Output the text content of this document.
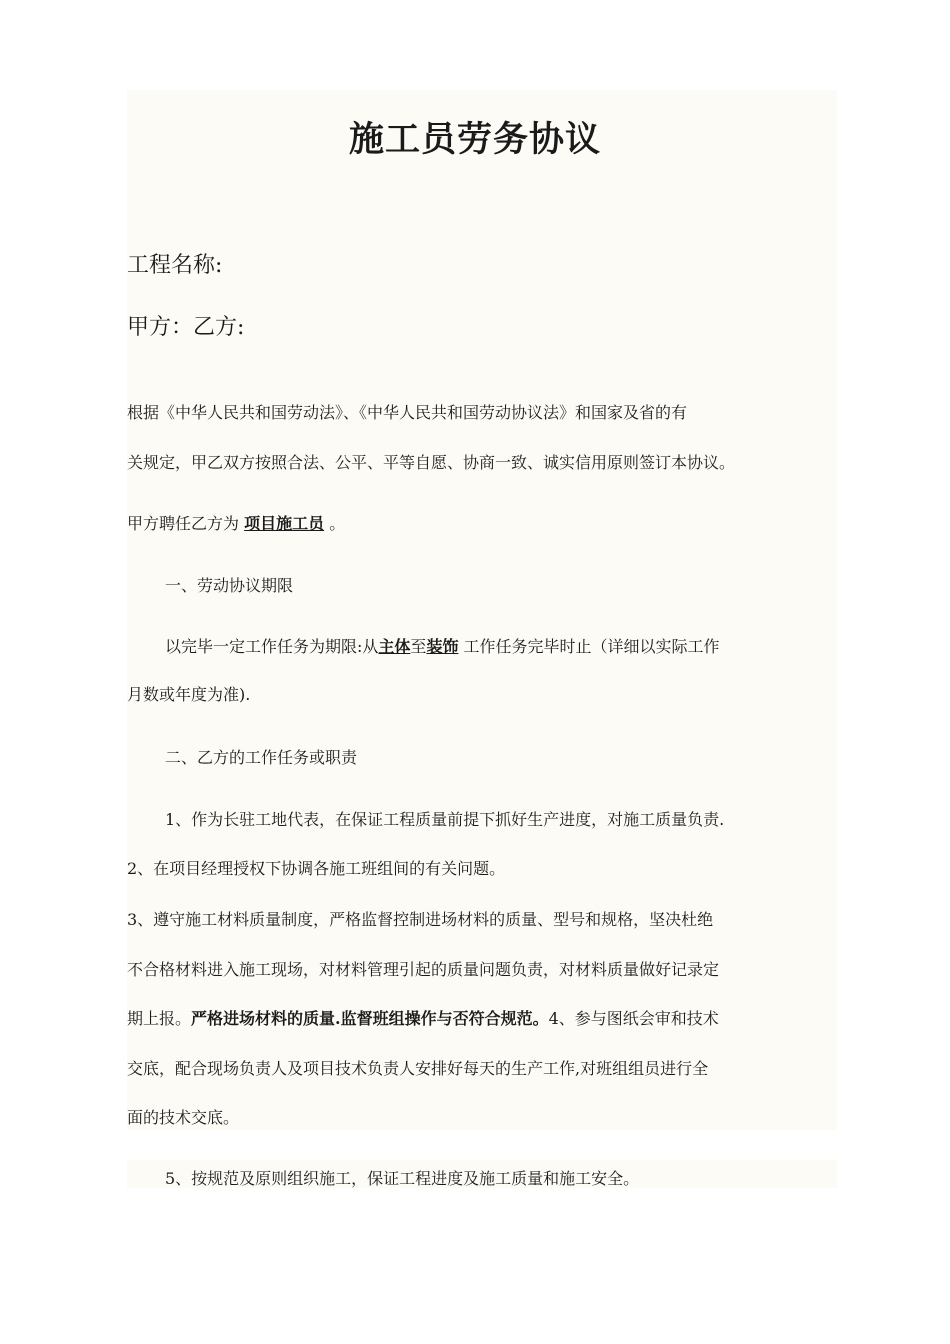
施工员劳务协议
工程名称:
甲方：乙方:
根据《中华人民共和国劳动法》、《中华人民共和国劳动协议法》和国家及省的有
关规定，甲乙双方按照合法、公平、平等自愿、协商一致、诚实信用原则签订本协议。
甲方聘任乙方为 项目施工员 。
一、劳动协议期限
以完毕一定工作任务为期限:从主体至装饰 工作任务完毕时止（详细以实际工作
月数或年度为准).
二、乙方的工作任务或职责
1、作为长驻工地代表，在保证工程质量前提下抓好生产进度，对施工质量负责.
2、在项目经理授权下协调各施工班组间的有关问题。
3、遵守施工材料质量制度，严格监督控制进场材料的质量、型号和规格，坚决杜绝
不合格材料进入施工现场，对材料管理引起的质量问题负责，对材料质量做好记录定
期上报。严格进场材料的质量.监督班组操作与否符合规范。4、参与图纸会审和技术
交底，配合现场负责人及项目技术负责人安排好每天的生产工作,对班组组员进行全
面的技术交底。
5、按规范及原则组织施工，保证工程进度及施工质量和施工安全。
